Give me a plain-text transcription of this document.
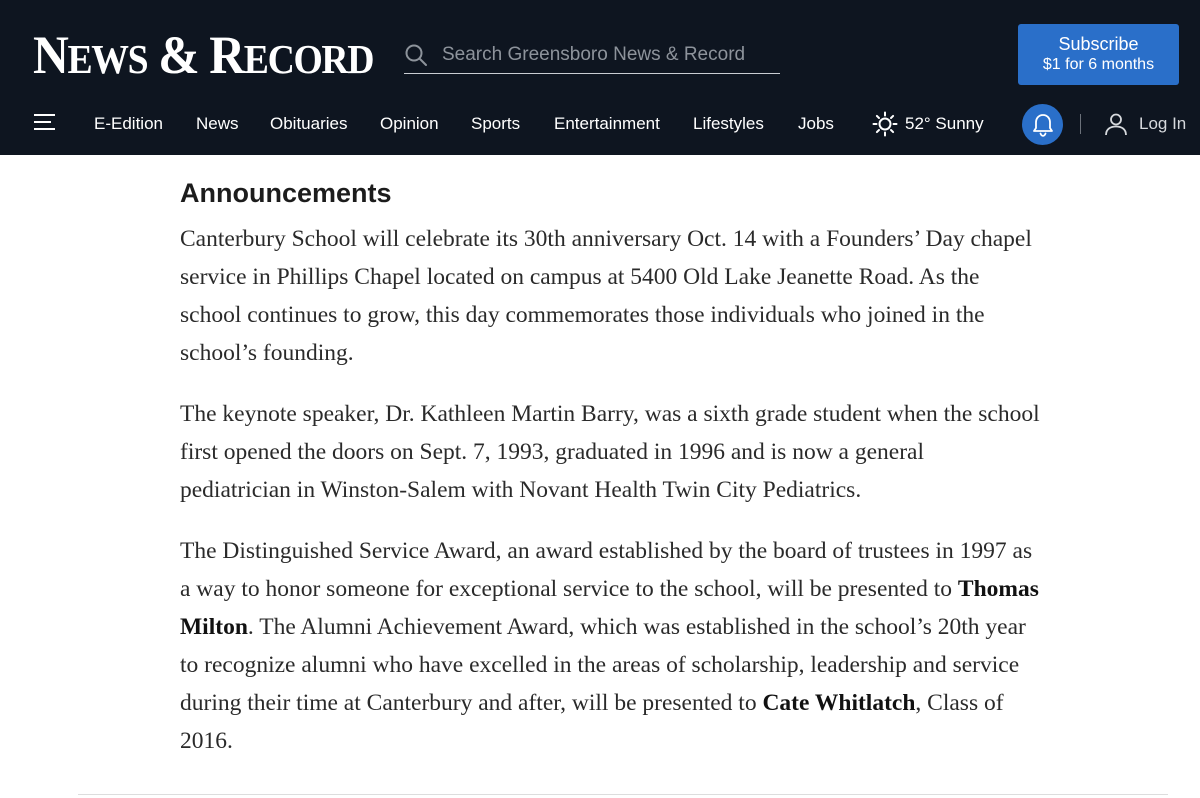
NEWS & RECORD
Search Greensboro News & Record	Subscribe
$1 for 6 months
E-Edition News Obituaries Opinion Sports Entertainment Lifestyles Jobs	52° Sunny	Log In
Announcements

Canterbury School will celebrate its 30th anniversary Oct. 14 with a Founders’ Day chapel service in Phillips Chapel located on campus at 5400 Old Lake Jeanette Road. As the school continues to grow, this day commemorates those individuals who joined in the school’s founding.

The keynote speaker, Dr. Kathleen Martin Barry, was a sixth grade student when the school first opened the doors on Sept. 7, 1993, graduated in 1996 and is now a general pediatrician in Winston-Salem with Novant Health Twin City Pediatrics.

The Distinguished Service Award, an award established by the board of trustees in 1997 as a way to honor someone for exceptional service to the school, will be presented to Thomas Milton. The Alumni Achievement Award, which was established in the school’s 20th year to recognize alumni who have excelled in the areas of scholarship, leadership and service during their time at Canterbury and after, will be presented to Cate Whitlatch, Class of 2016.
